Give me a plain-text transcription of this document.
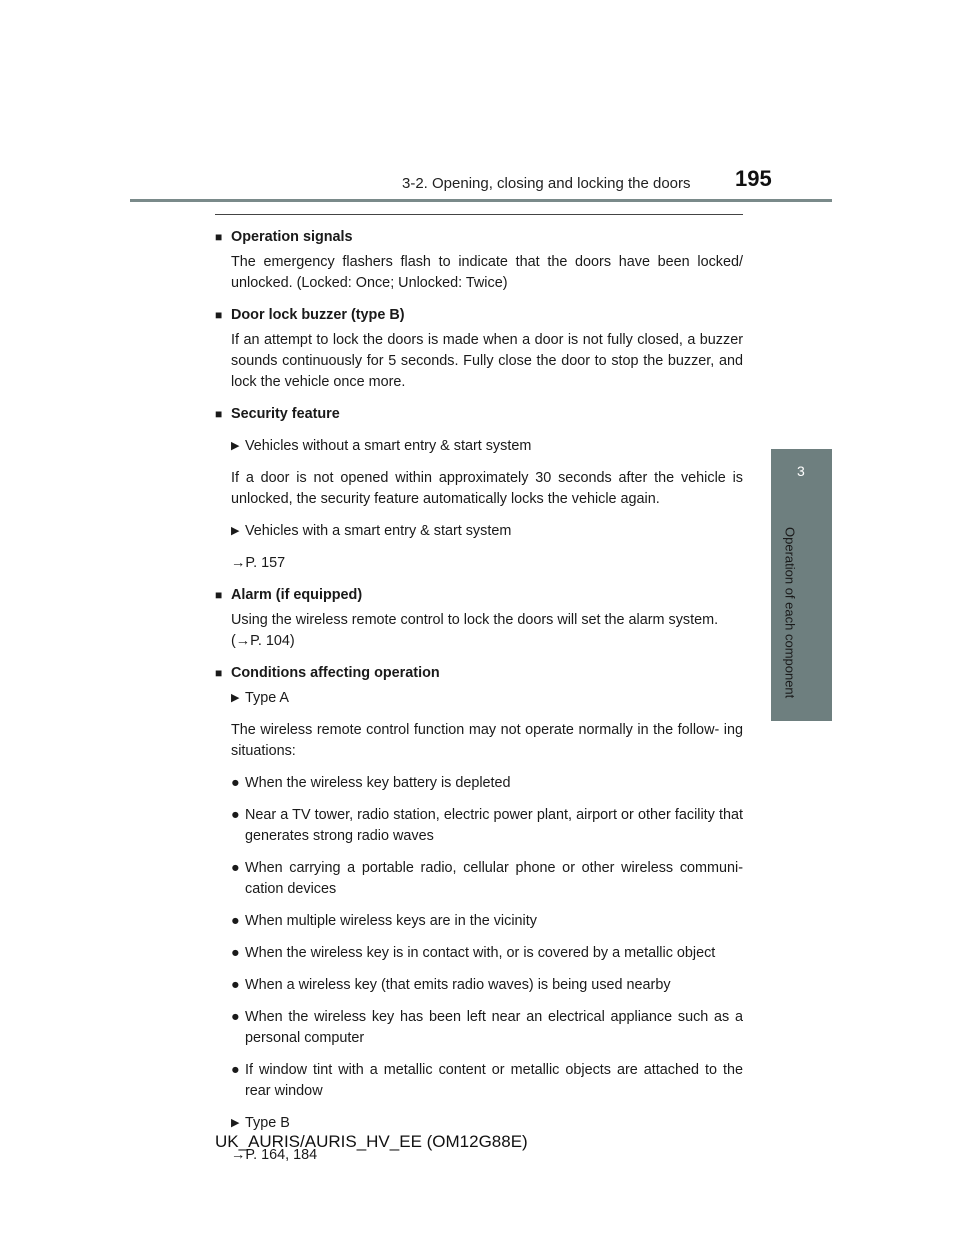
3-2. Opening, closing and locking the doors 195
3
Operation of each component
■ Operation signals
The emergency flashers flash to indicate that the doors have been locked/ unlocked. (Locked: Once; Unlocked: Twice)
■ Door lock buzzer (type B)
If an attempt to lock the doors is made when a door is not fully closed, a buzzer sounds continuously for 5 seconds. Fully close the door to stop the buzzer, and lock the vehicle once more.
■ Security feature
▶ Vehicles without a smart entry & start system
If a door is not opened within approximately 30 seconds after the vehicle is unlocked, the security feature automatically locks the vehicle again.
▶ Vehicles with a smart entry & start system
→P. 157
■ Alarm (if equipped)
Using the wireless remote control to lock the doors will set the alarm system. (→P. 104)
■ Conditions affecting operation
▶ Type A
The wireless remote control function may not operate normally in the follow- ing situations:
● When the wireless key battery is depleted
● Near a TV tower, radio station, electric power plant, airport or other facility that generates strong radio waves
● When carrying a portable radio, cellular phone or other wireless communi- cation devices
● When multiple wireless keys are in the vicinity
● When the wireless key is in contact with, or is covered by a metallic object
● When a wireless key (that emits radio waves) is being used nearby
● When the wireless key has been left near an electrical appliance such as a personal computer
● If window tint with a metallic content or metallic objects are attached to the rear window
▶ Type B
→P. 164, 184
UK_AURIS/AURIS_HV_EE (OM12G88E)
